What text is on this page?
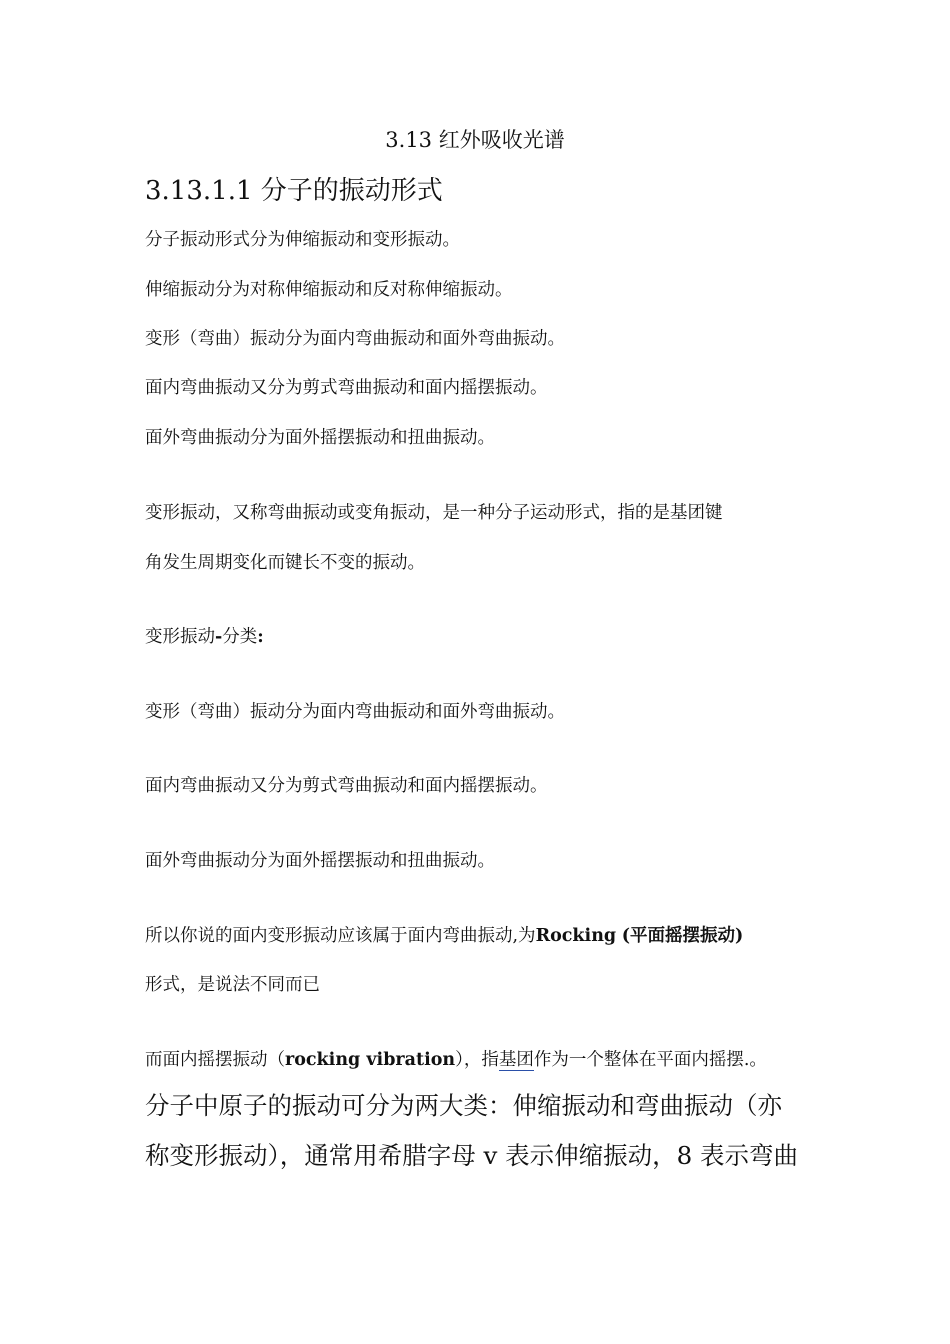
3.13 红外吸收光谱
3.13.1.1 分子的振动形式

分子振动形式分为伸缩振动和变形振动。

伸缩振动分为对称伸缩振动和反对称伸缩振动。

变形（弯曲）振动分为面内弯曲振动和面外弯曲振动。

面内弯曲振动又分为剪式弯曲振动和面内摇摆振动。

面外弯曲振动分为面外摇摆振动和扭曲振动。

变形振动，又称弯曲振动或变角振动，是一种分子运动形式，指的是基团键

角发生周期变化而键长不变的振动。

变形振动-分类:

变形（弯曲）振动分为面内弯曲振动和面外弯曲振动。

面内弯曲振动又分为剪式弯曲振动和面内摇摆振动。

面外弯曲振动分为面外摇摆振动和扭曲振动。

所以你说的面内变形振动应该属于面内弯曲振动,为Rocking (平面摇摆振动)

形式，是说法不同而已

而面内摇摆振动（rocking vibration），指基团作为一个整体在平面内摇摆.。

分子中原子的振动可分为两大类：伸缩振动和弯曲振动（亦

称变形振动），通常用希腊字母 v 表示伸缩振动，8 表示弯曲
